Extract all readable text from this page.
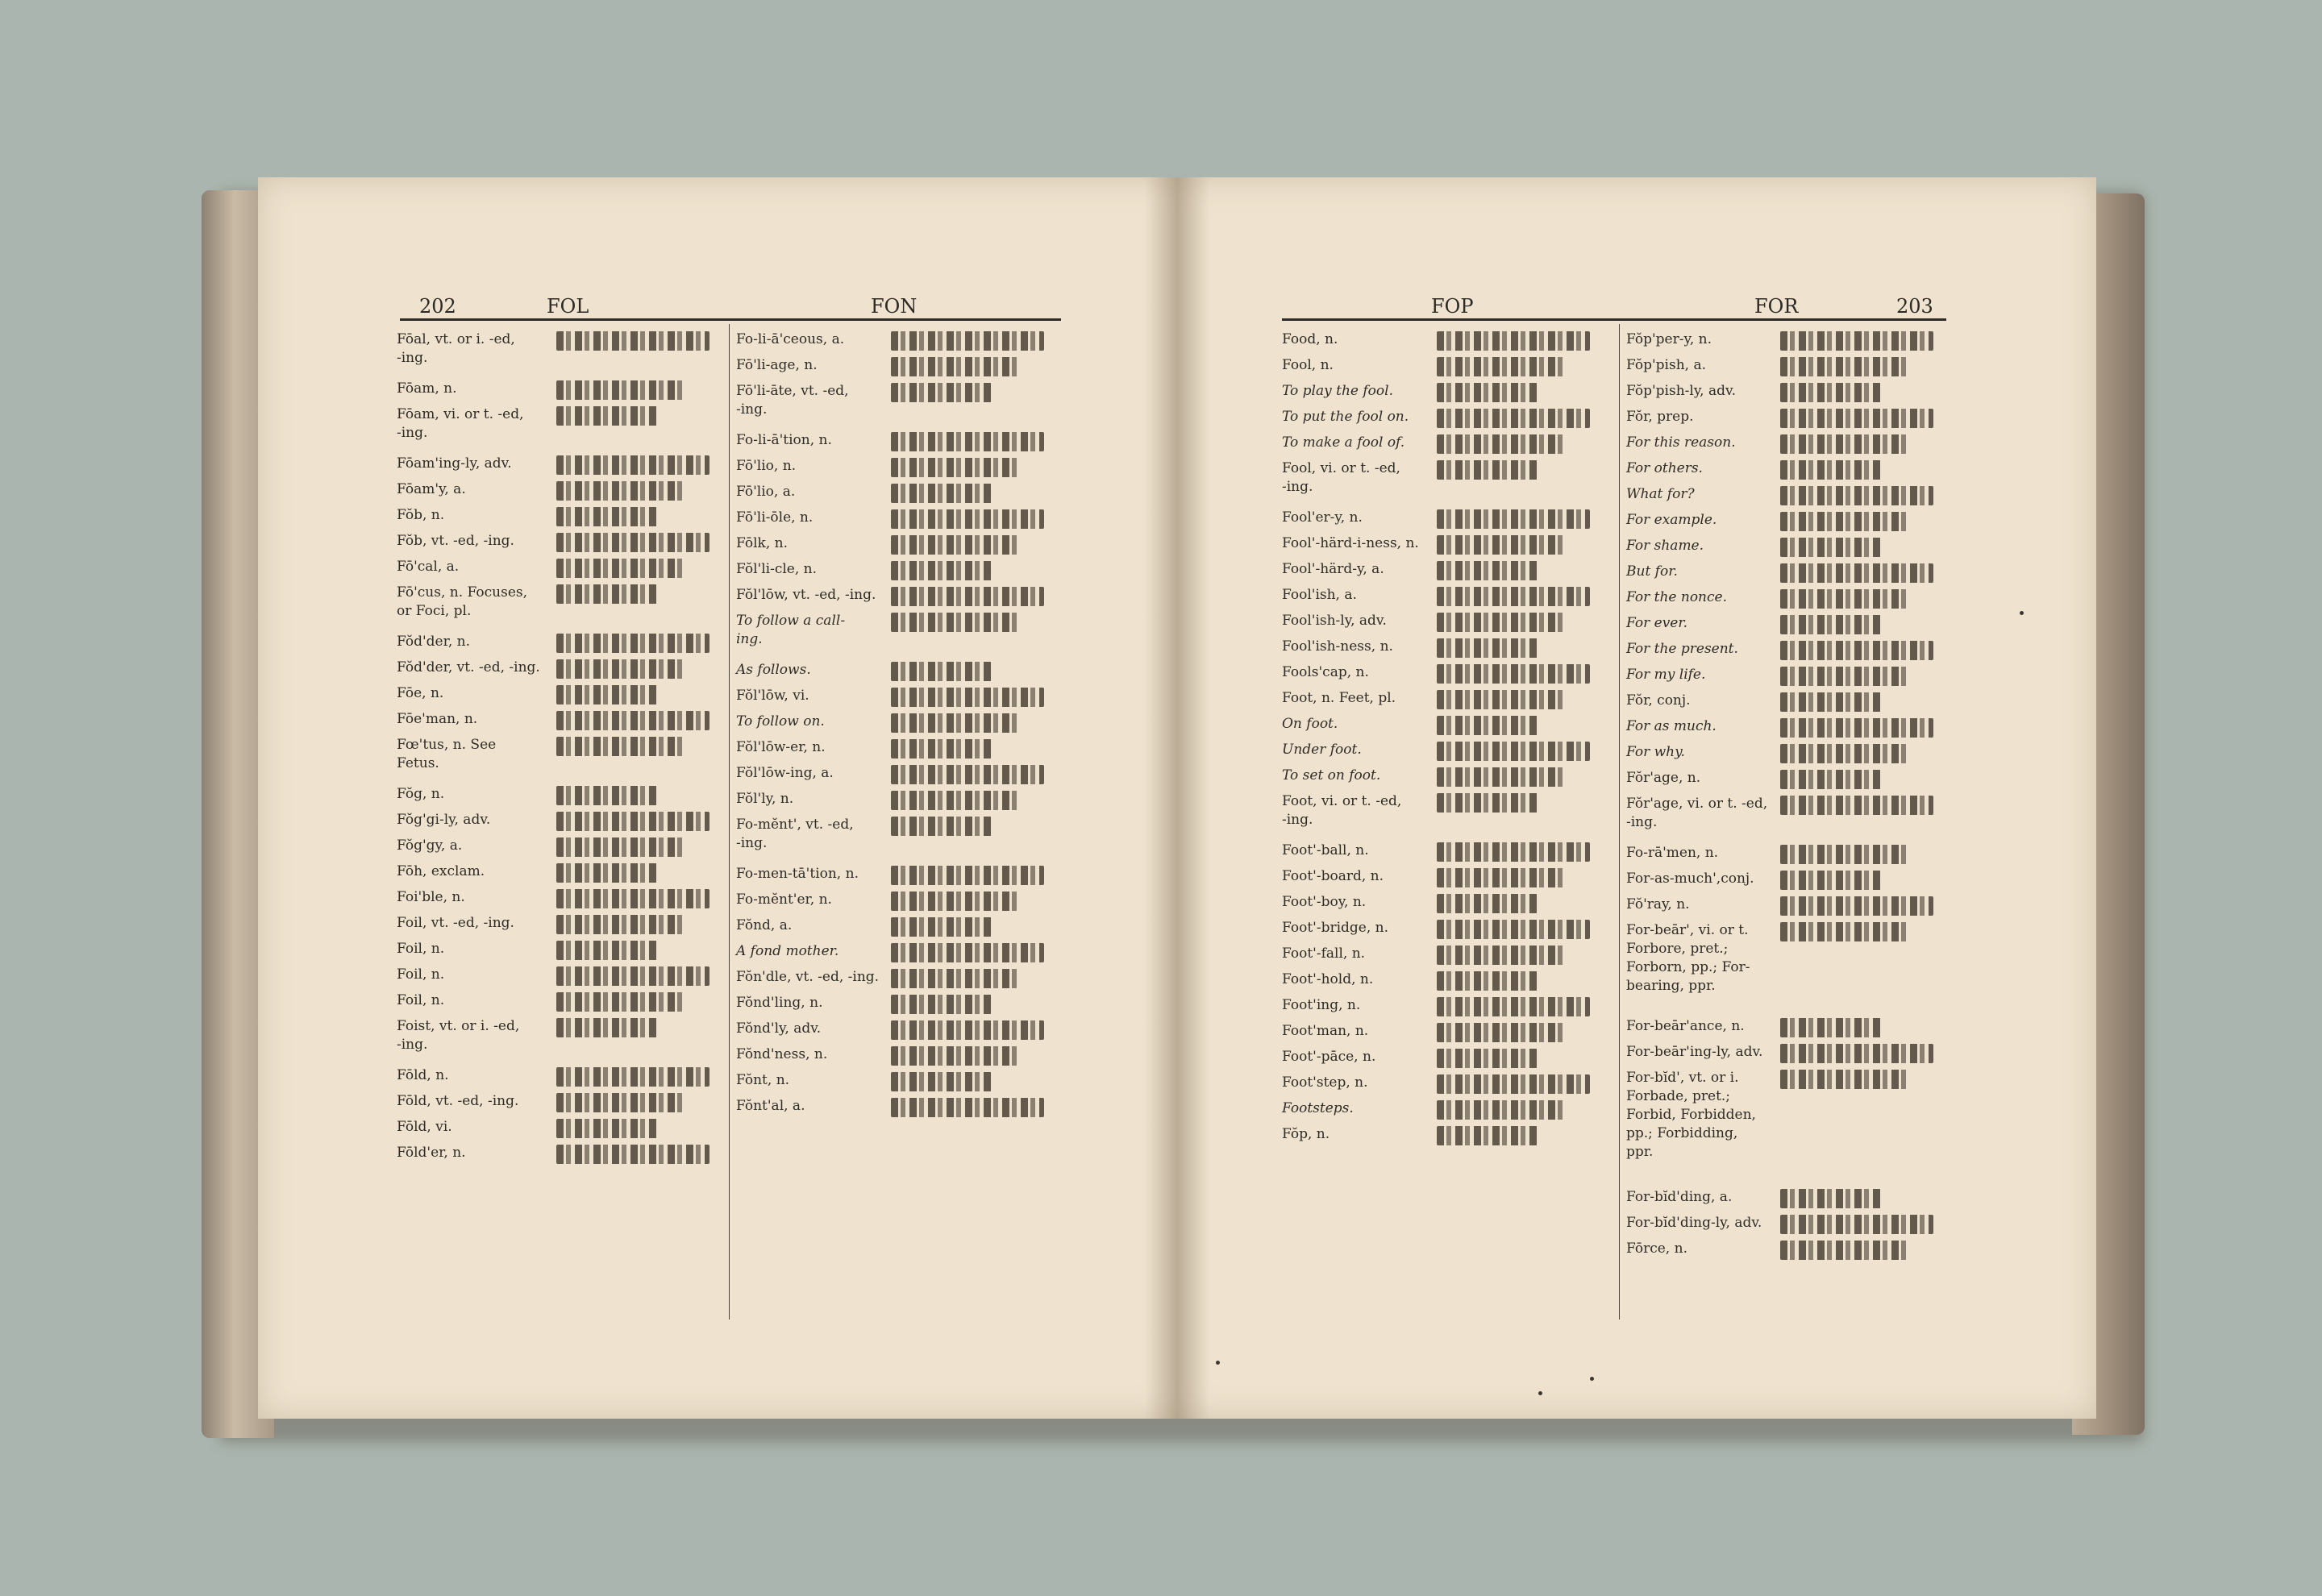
202	FOL	FON
Fōal, vt. or i. -ed,
-ing.
Fōam, n.
Fōam, vi. or t. -ed,
-ing.
Fōam'ing-ly, adv.
Fōam'y, a.
Fŏb, n.
Fŏb, vt. -ed, -ing.
Fō'cal, a.
Fō'cus, n. Focuses,
or Foci, pl.
Fŏd'der, n.
Fŏd'der, vt. -ed, -ing.
Fōe, n.
Fōe'man, n.
Fœ'tus, n. See
Fetus.
Fŏg, n.
Fŏg'gi-ly, adv.
Fŏg'gy, a.
Fōh, exclam.
Foi'ble, n.
Foil, vt. -ed, -ing.
Foil, n.
Foil, n.
Foil, n.
Foist, vt. or i. -ed,
-ing.
Fōld, n.
Fōld, vt. -ed, -ing.
Fōld, vi.
Fōld'er, n.
Fo-li-ā'ceous, a.
Fō'li-age, n.
Fō'li-āte, vt. -ed,
-ing.
Fo-li-ā'tion, n.
Fō'lio, n.
Fō'lio, a.
Fō'li-ōle, n.
Fōlk, n.
Fŏl'li-cle, n.
Fŏl'lōw, vt. -ed, -ing.
To follow a call-
ing.
As follows.
Fŏl'lōw, vi.
To follow on.
Fŏl'lōw-er, n.
Fŏl'lōw-ing, a.
Fŏl'ly, n.
Fo-mĕnt', vt. -ed,
-ing.
Fo-men-tā'tion, n.
Fo-mĕnt'er, n.
Fŏnd, a.
A fond mother.
Fŏn'dle, vt. -ed, -ing.
Fŏnd'ling, n.
Fŏnd'ly, adv.
Fŏnd'ness, n.
Fŏnt, n.
Fŏnt'al, a.
FOP	FOR	203
Food, n.
Fool, n.
To play the fool.
To put the fool on.
To make a fool of.
Fool, vi. or t. -ed,
-ing.
Fool'er-y, n.
Fool'-härd-i-ness, n.
Fool'-härd-y, a.
Fool'ish, a.
Fool'ish-ly, adv.
Fool'ish-ness, n.
Fools'cap, n.
Foot, n. Feet, pl.
On foot.
Under foot.
To set on foot.
Foot, vi. or t. -ed,
-ing.
Foot'-ball, n.
Foot'-board, n.
Foot'-boy, n.
Foot'-bridge, n.
Foot'-fall, n.
Foot'-hold, n.
Foot'ing, n.
Foot'man, n.
Foot'-pāce, n.
Foot'step, n.
Footsteps.
Fŏp, n.
Fŏp'per-y, n.
Fŏp'pish, a.
Fŏp'pish-ly, adv.
Fŏr, prep.
For this reason.
For others.
What for?
For example.
For shame.
But for.
For the nonce.
For ever.
For the present.
For my life.
Fŏr, conj.
For as much.
For why.
Fŏr'age, n.
Fŏr'age, vi. or t. -ed,
-ing.
Fo-rā'men, n.
For-as-much',conj.
Fŏ'ray, n.
For-beār', vi. or t.
Forbore, pret.;
Forborn, pp.; For-
bearing, ppr.
For-beār'ance, n.
For-beār'ing-ly, adv.
For-bĭd', vt. or i.
Forbade, pret.;
Forbid, Forbidden,
pp.; Forbidding,
ppr.
For-bĭd'ding, a.
For-bĭd'ding-ly, adv.
Fōrce, n.
